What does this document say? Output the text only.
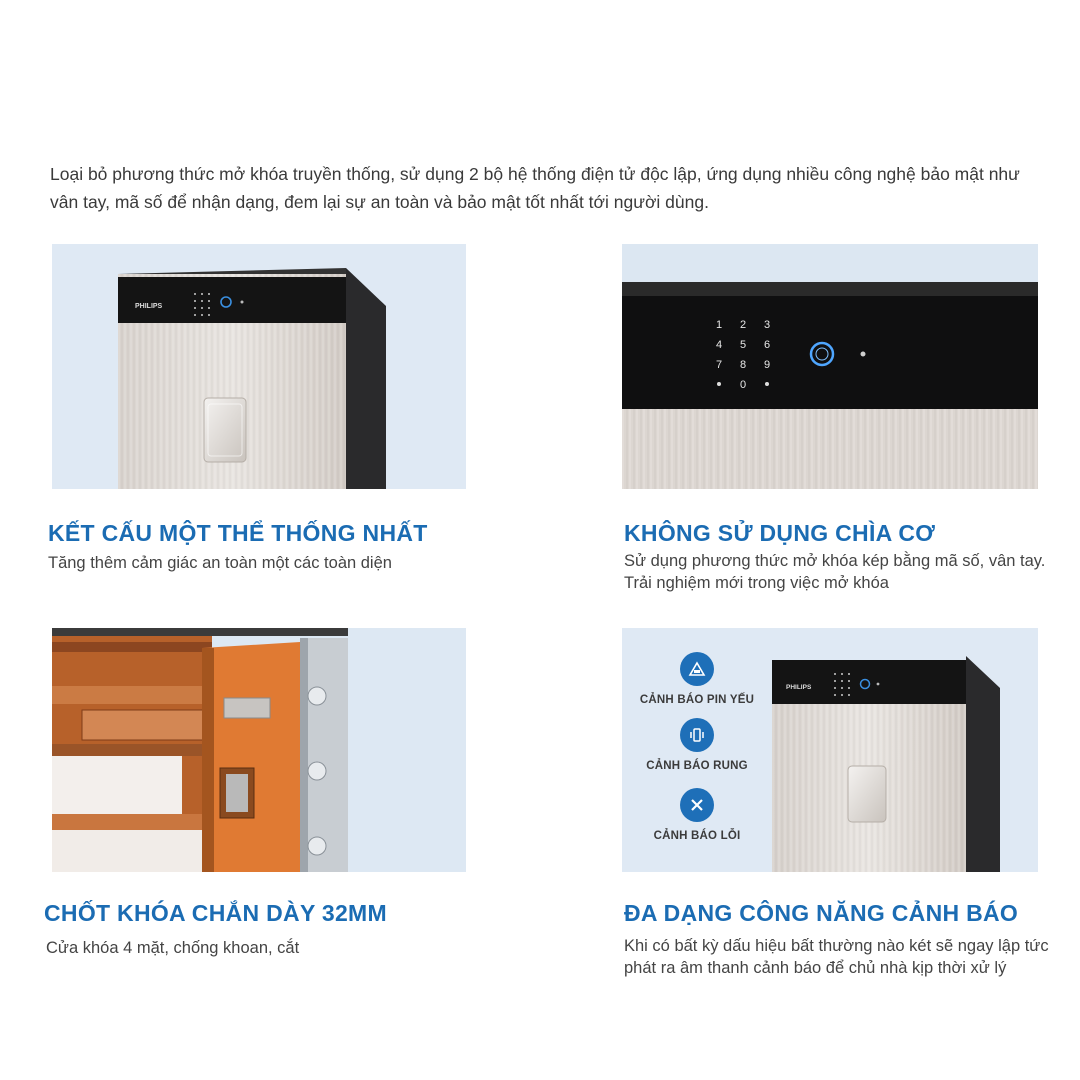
Loại bỏ phương thức mở khóa truyền thống, sử dụng 2 bộ hệ thống điện tử độc lập, ứng dụng nhiều công nghệ bảo mật như vân tay, mã số để nhận dạng, đem lại sự an toàn và bảo mật tốt nhất tới người dùng.

PHILIPS
1 2 3
4 5 6
7 8 9
0
PHILIPS
CẢNH BÁO PIN YẾU
CẢNH BÁO RUNG
CẢNH BÁO LỖI
KẾT CẤU MỘT THỂ THỐNG NHẤT
Tăng thêm cảm giác an toàn một các toàn diện
KHÔNG SỬ DỤNG CHÌA CƠ
Sử dụng phương thức mở khóa kép bằng mã số, vân tay. Trải nghiệm mới trong việc mở khóa
CHỐT KHÓA CHẮN DÀY 32MM
Cửa khóa 4 mặt, chống khoan, cắt
ĐA DẠNG CÔNG NĂNG CẢNH BÁO
Khi có bất kỳ dấu hiệu bất thường nào két sẽ ngay lập tức phát ra âm thanh cảnh báo để chủ nhà kịp thời xử lý
